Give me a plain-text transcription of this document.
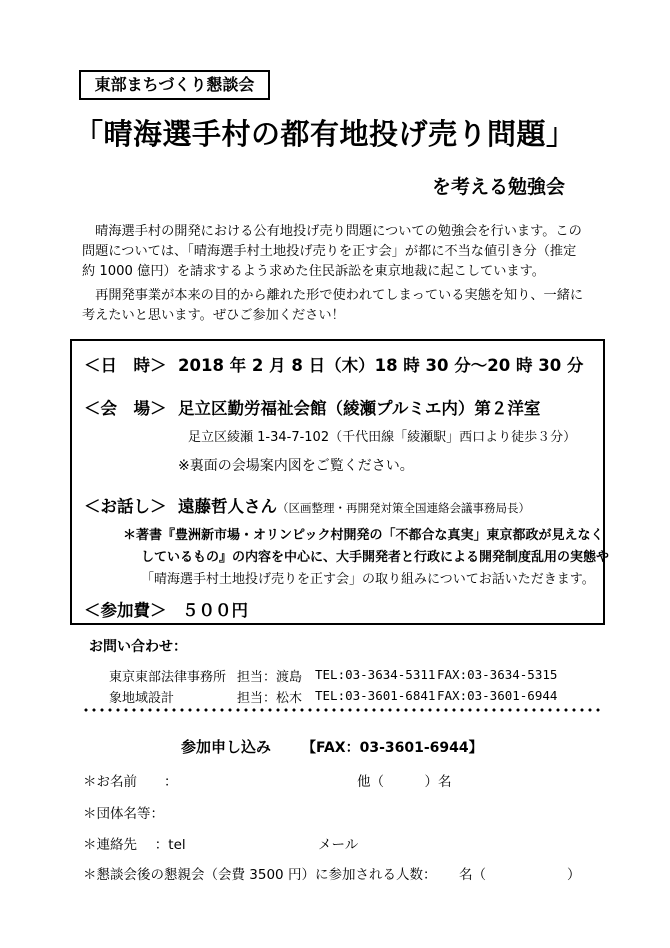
東部まちづくり懇談会
「晴海選手村の都有地投げ売り問題」
を考える勉強会
　晴海選手村の開発における公有地投げ売り問題についての勉強会を行います。この
問題については、「晴海選手村土地投げ売りを正す会」が都に不当な値引き分（推定
約 1000 億円）を請求するよう求めた住民訴訟を東京地裁に起こしています。
　再開発事業が本来の目的から離れた形で使われてしまっている実態を知り、一緒に
考えたいと思います。ぜひご参加ください！
＜日　時＞ 2018 年 2 月 8 日（木）18 時 30 分～20 時 30 分
＜会　場＞ 足立区勤労福祉会館（綾瀬プルミエ内）第２洋室
足立区綾瀬 1-34-7-102（千代田線「綾瀬駅」西口より徒歩３分）
※裏面の会場案内図をご覧ください。
＜お話し＞ 遠藤哲人さん（区画整理・再開発対策全国連絡会議事務局長）
＊著書『豊洲新市場・オリンピック村開発の「不都合な真実」東京都政が見えなく
しているもの』の内容を中心に、大手開発者と行政による開発制度乱用の実態や
「晴海選手村土地投げ売りを正す会」の取り組みについてお話いただきます。
＜参加費＞ ５００円
お問い合わせ：
東京東部法律事務所 担当：渡島 TEL:03-3634-5311 FAX:03-3634-5315
象地域設計	担当：松木 TEL:03-3601-6841 FAX:03-3601-6944
参加申し込み 【FAX：03-3601-6944】
＊お名前　　：	他（　　　）名
＊団体名等：
＊連絡先　 ：tel	メール
＊懇談会後の懇親会（会費 3500 円）に参加される人数： 名（　　　　　　）
